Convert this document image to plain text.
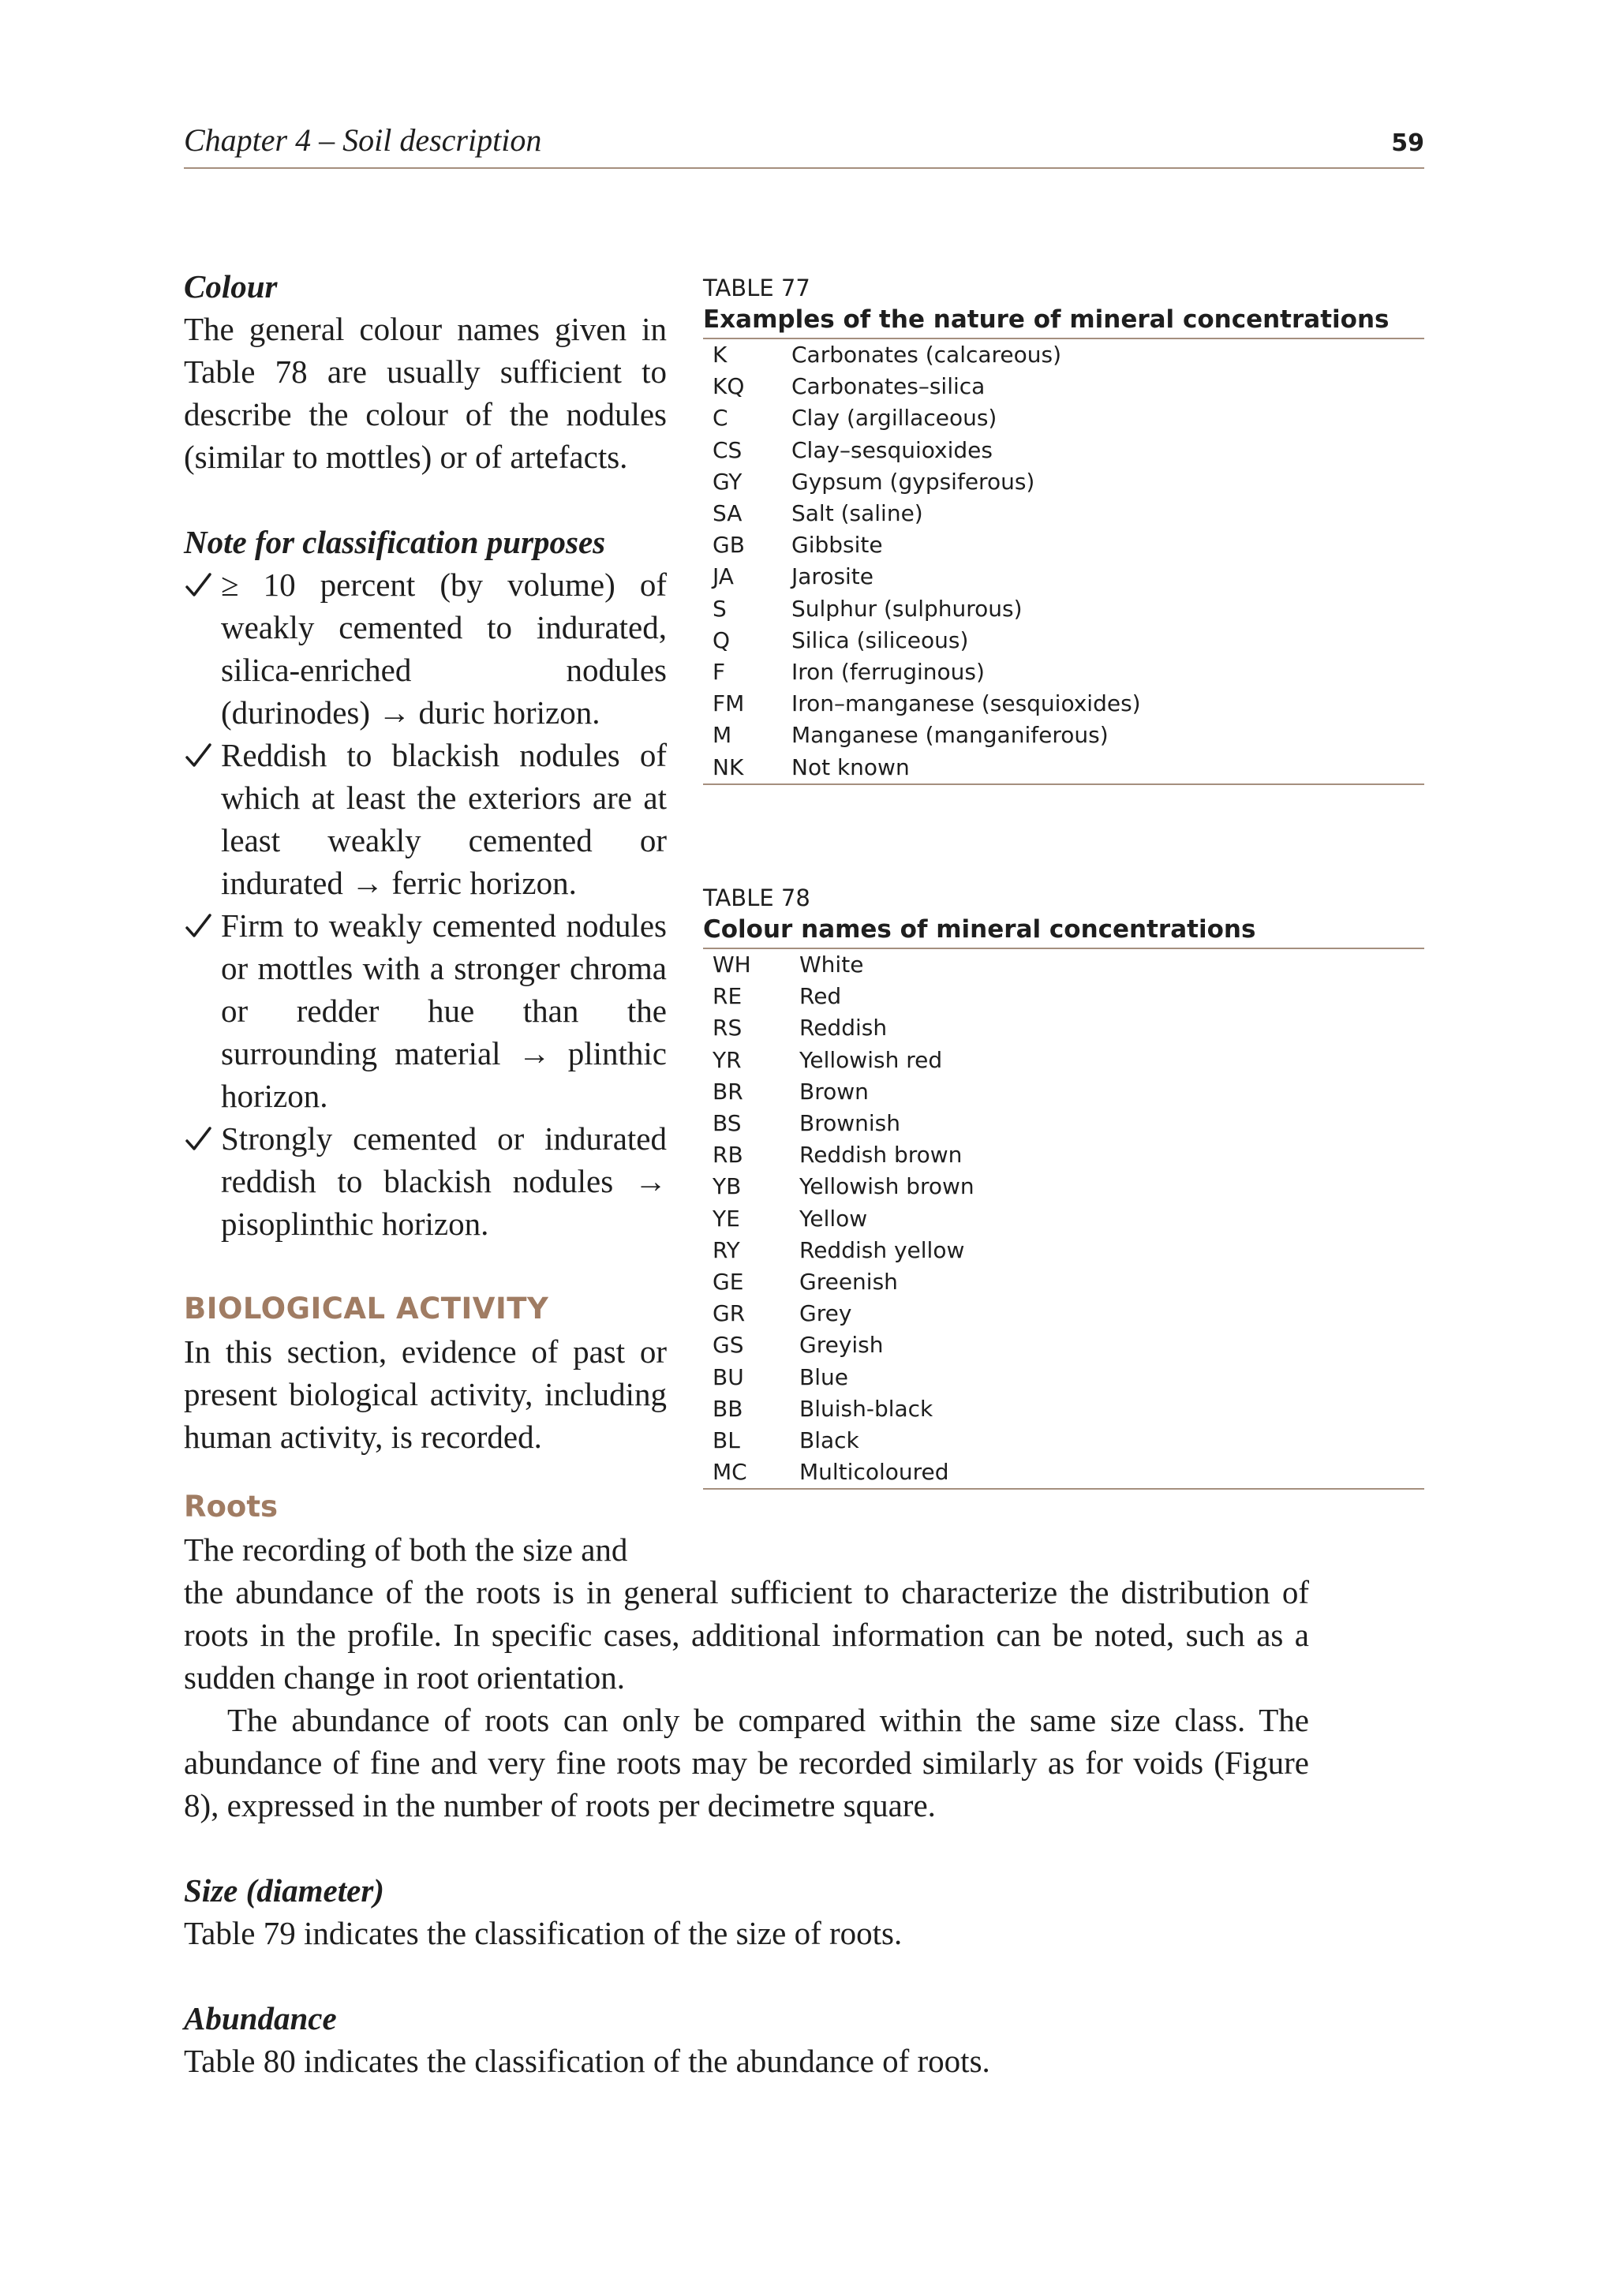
Chapter 4 – Soil description	59
Colour

The general colour names given in Table 78 are usually sufficient to describe the colour of the nodules (similar to mottles) or of artefacts.

Note for classification purposes
≥ 10 percent (by volume) of weakly cemented to indurated, silica-enriched nodules (durinodes) → duric horizon.
Reddish to blackish nodules of which at least the exteriors are at least weakly cemented or indurated → ferric horizon.
Firm to weakly cemented nodules or mottles with a stronger chroma or redder hue than the surrounding material → plinthic horizon.
Strongly cemented or indurated reddish to blackish nodules → pisoplinthic horizon.
BIOLOGICAL ACTIVITY

In this section, evidence of past or present biological activity, including human activity, is recorded.

TABLE 77
Examples of the nature of mineral concentrations
K	Carbonates (calcareous)
KQ	Carbonates–silica
C	Clay (argillaceous)
CS	Clay–sesquioxides
GY	Gypsum (gypsiferous)
SA	Salt (saline)
GB	Gibbsite
JA	Jarosite
S	Sulphur (sulphurous)
Q	Silica (siliceous)
F	Iron (ferruginous)
FM	Iron–manganese (sesquioxides)
M	Manganese (manganiferous)
NK	Not known
TABLE 78
Colour names of mineral concentrations
WH	White
RE	Red
RS	Reddish
YR	Yellowish red
BR	Brown
BS	Brownish
RB	Reddish brown
YB	Yellowish brown
YE	Yellow
RY	Reddish yellow
GE	Greenish
GR	Grey
GS	Greyish
BU	Blue
BB	Bluish-black
BL	Black
MC	Multicoloured
Roots

The recording of both the size and
the abundance of the roots is in general sufficient to characterize the distribution of roots in the profile. In specific cases, additional information can be noted, such as a sudden change in root orientation.

The abundance of roots can only be compared within the same size class. The abundance of fine and very fine roots may be recorded similarly as for voids (Figure 8), expressed in the number of roots per decimetre square.

Size (diameter)

Table 79 indicates the classification of the size of roots.

Abundance

Table 80 indicates the classification of the abundance of roots.
